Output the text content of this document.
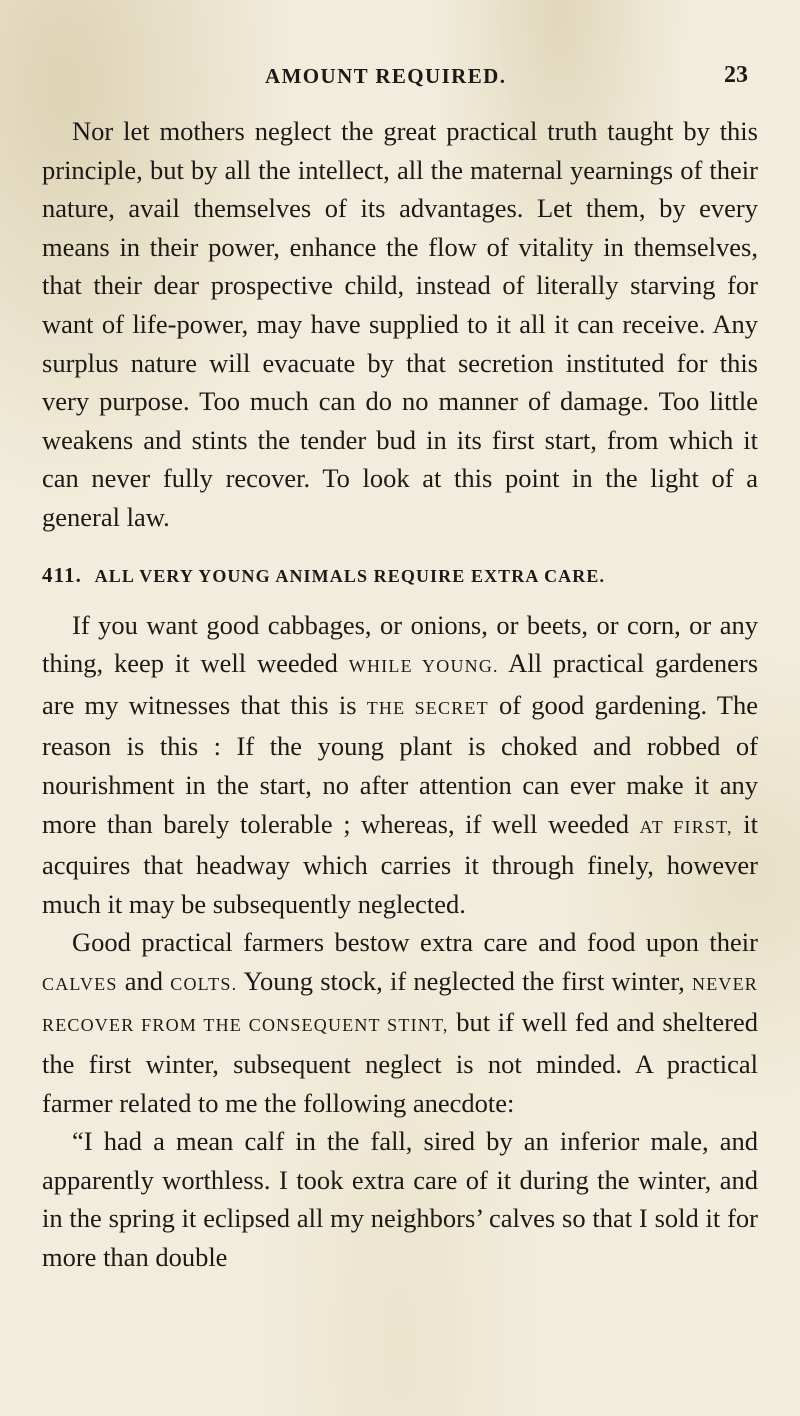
AMOUNT REQUIRED.	23

Nor let mothers neglect the great practical truth taught by this principle, but by all the intellect, all the maternal yearnings of their nature, avail themselves of its advantages. Let them, by every means in their power, enhance the flow of vitality in themselves, that their dear prospective child, instead of literally starving for want of life-power, may have supplied to it all it can receive. Any surplus nature will evacuate by that secretion instituted for this very purpose. Too much can do no manner of damage. Too little weakens and stints the tender bud in its first start, from which it can never fully recover. To look at this point in the light of a general law.

411. ALL VERY YOUNG ANIMALS REQUIRE EXTRA CARE.

If you want good cabbages, or onions, or beets, or corn, or any thing, keep it well weeded WHILE YOUNG. All practical gardeners are my witnesses that this is THE SECRET of good gardening. The reason is this : If the young plant is choked and robbed of nourishment in the start, no after attention can ever make it any more than barely tolerable ; whereas, if well weeded AT FIRST, it acquires that headway which carries it through finely, however much it may be subsequently neglected.

Good practical farmers bestow extra care and food upon their CALVES and COLTS. Young stock, if neglected the first winter, NEVER RECOVER FROM THE CONSEQUENT STINT, but if well fed and sheltered the first winter, subsequent neglect is not minded. A practical farmer related to me the following anecdote:

“I had a mean calf in the fall, sired by an inferior male, and apparently worthless. I took extra care of it during the winter, and in the spring it eclipsed all my neighbors’ calves so that I sold it for more than double
